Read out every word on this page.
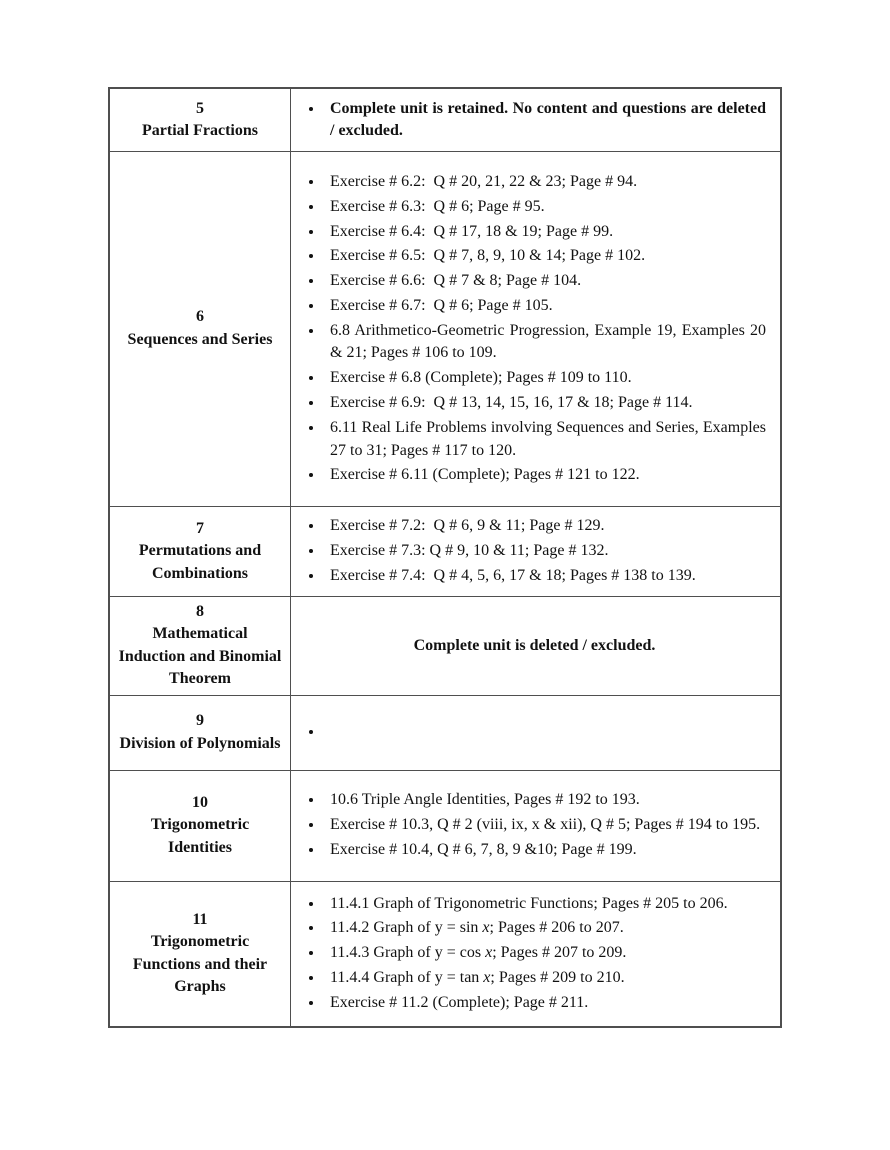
5
Partial Fractions
• Complete unit is retained. No content and questions are deleted / excluded.
6
Sequences and Series
• Exercise # 6.2:  Q # 20, 21, 22 & 23; Page # 94.
• Exercise # 6.3:  Q # 6; Page # 95.
• Exercise # 6.4:  Q # 17, 18 & 19; Page # 99.
• Exercise # 6.5:  Q # 7, 8, 9, 10 & 14; Page # 102.
• Exercise # 6.6:  Q # 7 & 8; Page # 104.
• Exercise # 6.7:  Q # 6; Page # 105.
• 6.8 Arithmetico-Geometric Progression, Example 19, Examples 20 & 21; Pages # 106 to 109.
• Exercise # 6.8 (Complete); Pages # 109 to 110.
• Exercise # 6.9:  Q # 13, 14, 15, 16, 17 & 18; Page # 114.
• 6.11 Real Life Problems involving Sequences and Series, Examples 27 to 31; Pages # 117 to 120.
• Exercise # 6.11 (Complete); Pages # 121 to 122.
7
Permutations and Combinations
• Exercise # 7.2:  Q # 6, 9 & 11; Page # 129.
• Exercise # 7.3: Q # 9, 10 & 11; Page # 132.
• Exercise # 7.4:  Q # 4, 5, 6, 17 & 18; Pages # 138 to 139.
8
Mathematical Induction and Binomial Theorem
Complete unit is deleted / excluded.
9
Division of Polynomials
•
10
Trigonometric Identities
• 10.6 Triple Angle Identities, Pages # 192 to 193.
• Exercise # 10.3, Q # 2 (viii, ix, x & xii), Q # 5; Pages # 194 to 195.
• Exercise # 10.4, Q # 6, 7, 8, 9 &10; Page # 199.
11
Trigonometric Functions and their Graphs
• 11.4.1 Graph of Trigonometric Functions; Pages # 205 to 206.
• 11.4.2 Graph of y = sin x; Pages # 206 to 207.
• 11.4.3 Graph of y = cos x; Pages # 207 to 209.
• 11.4.4 Graph of y = tan x; Pages # 209 to 210.
• Exercise # 11.2 (Complete); Page # 211.
